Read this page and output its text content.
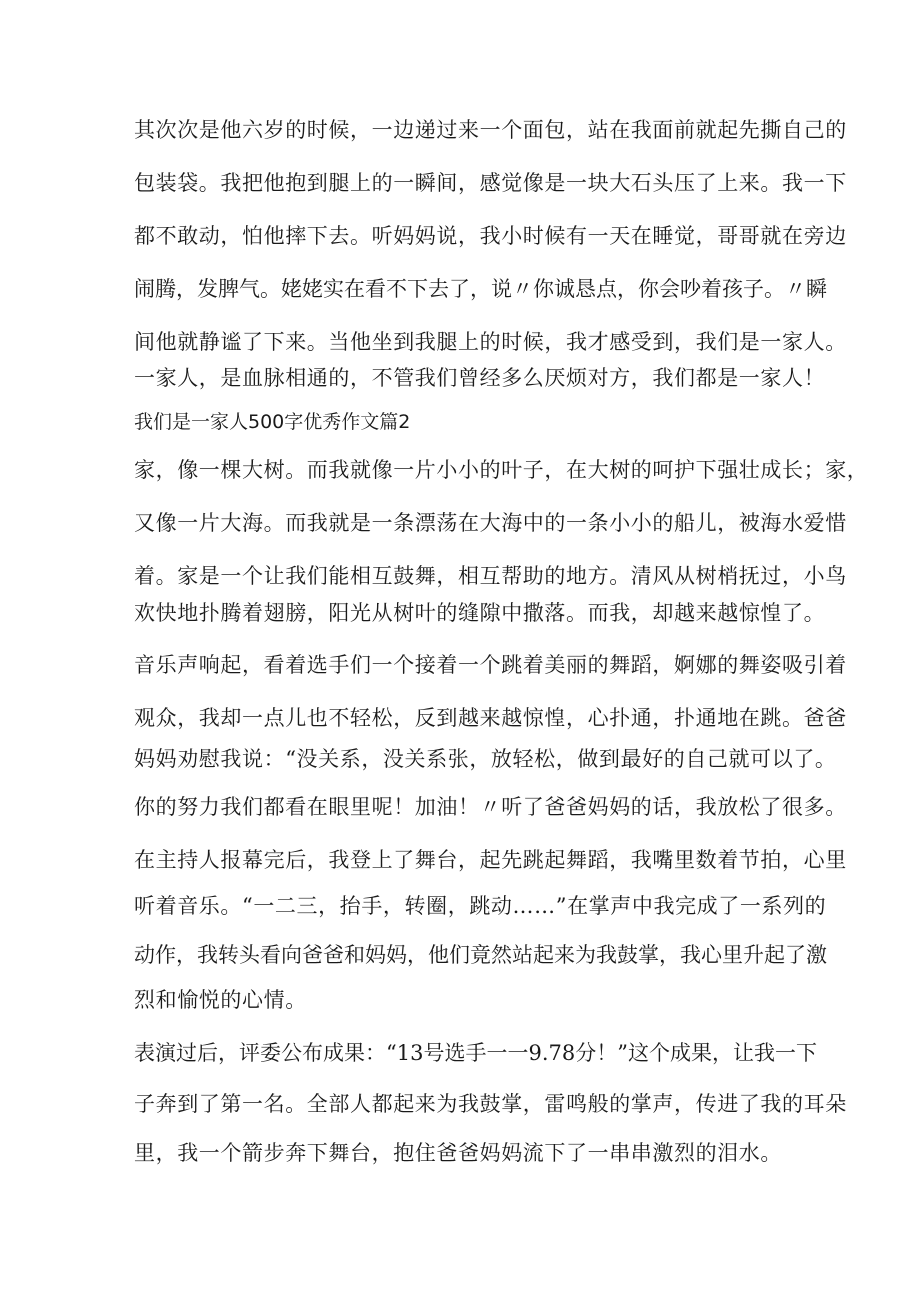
其次次是他六岁的时候，一边递过来一个面包，站在我面前就起先撕自己的
包装袋。我把他抱到腿上的一瞬间，感觉像是一块大石头压了上来。我一下
都不敢动，怕他摔下去。听妈妈说，我小时候有一天在睡觉，哥哥就在旁边
闹腾，发脾气。姥姥实在看不下去了，说〃你诚恳点，你会吵着孩子。〃瞬
间他就静谧了下来。当他坐到我腿上的时候，我才感受到，我们是一家人。
一家人，是血脉相通的，不管我们曾经多么厌烦对方，我们都是一家人！
我们是一家人500字优秀作文篇2
家，像一棵大树。而我就像一片小小的叶子，在大树的呵护下强壮成长；家，
又像一片大海。而我就是一条漂荡在大海中的一条小小的船儿，被海水爱惜
着。家是一个让我们能相互鼓舞，相互帮助的地方。清风从树梢抚过，小鸟
欢快地扑腾着翅膀，阳光从树叶的缝隙中撒落。而我，却越来越惊惶了。
音乐声响起，看着选手们一个接着一个跳着美丽的舞蹈，婀娜的舞姿吸引着
观众，我却一点儿也不轻松，反到越来越惊惶，心扑通，扑通地在跳。爸爸
妈妈劝慰我说：“没关系，没关系张，放轻松，做到最好的自己就可以了。
你的努力我们都看在眼里呢！加油！〃听了爸爸妈妈的话，我放松了很多。
在主持人报幕完后，我登上了舞台，起先跳起舞蹈，我嘴里数着节拍，心里
听着音乐。“一二三，抬手，转圈，跳动……”在掌声中我完成了一系列的
动作，我转头看向爸爸和妈妈，他们竟然站起来为我鼓掌，我心里升起了激
烈和愉悦的心情。
表演过后，评委公布成果：“13号选手一一9.78分！”这个成果，让我一下
子奔到了第一名。全部人都起来为我鼓掌，雷鸣般的掌声，传进了我的耳朵
里，我一个箭步奔下舞台，抱住爸爸妈妈流下了一串串激烈的泪水。
